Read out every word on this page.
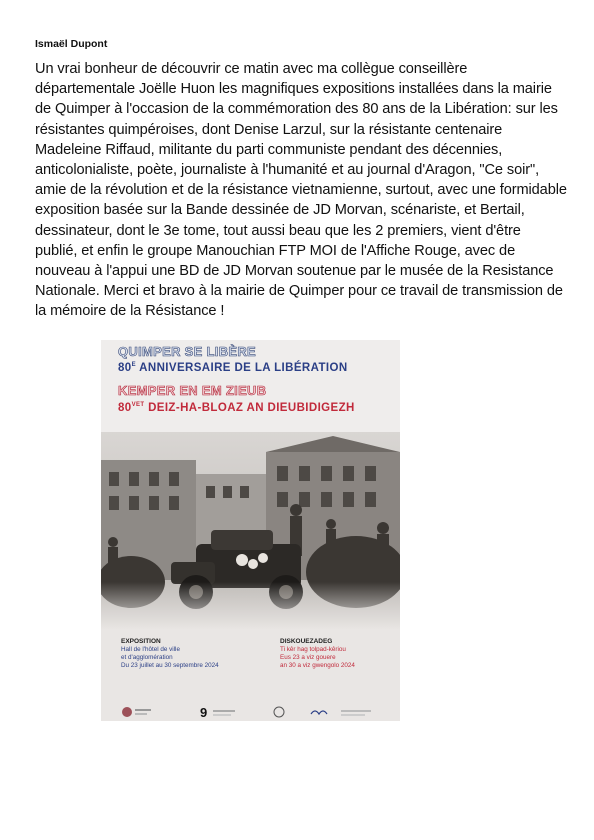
Ismaël Dupont
Un vrai bonheur de découvrir ce matin avec ma collègue conseillère départementale Joëlle Huon les magnifiques expositions installées dans la mairie de Quimper à l'occasion de la commémoration des 80 ans de la Libération: sur les résistantes quimpéroises, dont Denise Larzul, sur la résistante centenaire Madeleine Riffaud, militante du parti communiste pendant des décennies, anticolonialiste, poète, journaliste à l'humanité et au journal d'Aragon, "Ce soir", amie de la révolution et de la résistance vietnamienne, surtout, avec une formidable exposition basée sur la Bande dessinée de JD Morvan, scénariste, et Bertail, dessinateur, dont le 3e tome, tout aussi beau que les 2 premiers, vient d'être publié, et enfin le groupe Manouchian FTP MOI de l'Affiche Rouge, avec de nouveau à l'appui une BD de JD Morvan soutenue par le musée de la Resistance Nationale. Merci et bravo à la mairie de Quimper pour ce travail de transmission de la mémoire de la Résistance !
QUIMPER SE LIBÈRE
$80^E$ ANNIVERSAIRE DE LA LIBÉRATION
KEMPER EN EM ZIEUB
$80^{VET}$ DEIZ-HA-BLOAZ AN DIEUBIDIGEZH
EXPOSITION
Hall de l'hôtel de ville
et d'agglomération
Du 23 juillet au 30 septembre 2024
DISKOUEZADEG
Ti kêr hag tolpad-kêriou
Eus 23 a viz gouere
an 30 a viz gwengolo 2024
9
